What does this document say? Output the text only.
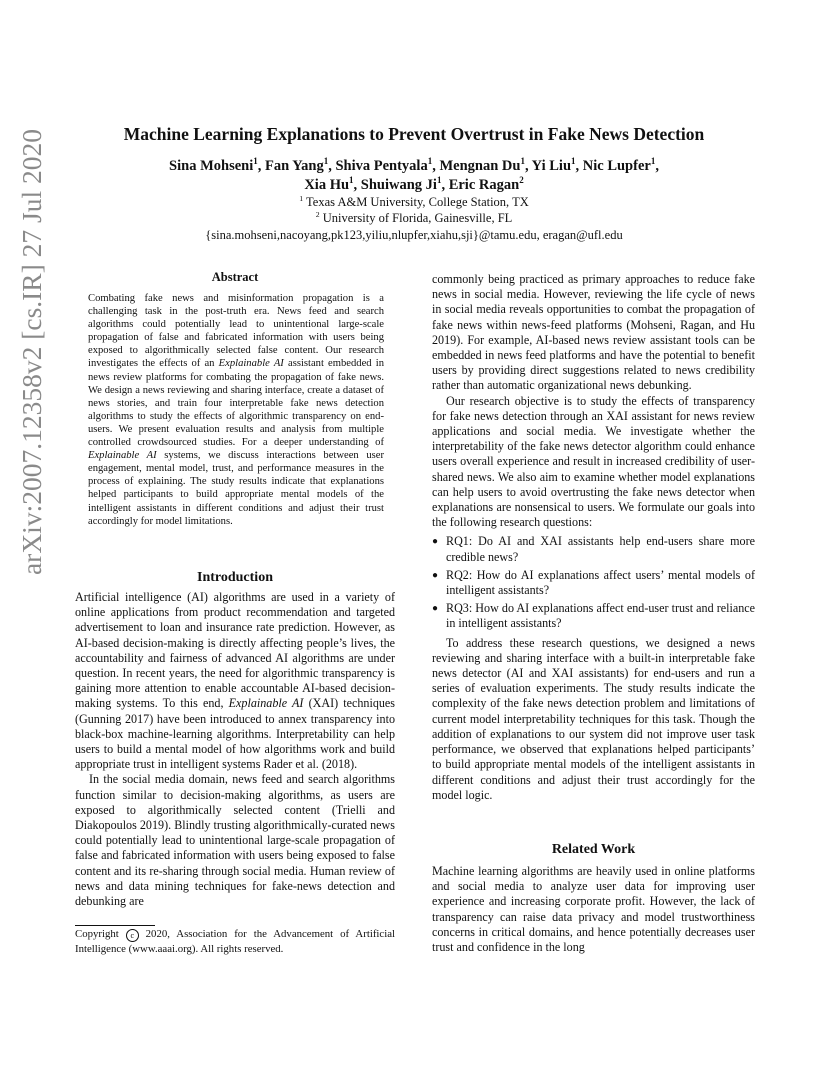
arXiv:2007.12358v2 [cs.IR] 27 Jul 2020	Machine Learning Explanations to Prevent Overtrust in Fake News Detection
Sina Mohseni$^1$, Fan Yang$^1$, Shiva Pentyala$^1$, Mengnan Du$^1$, Yi Liu$^1$, Nic Lupfer$^1$,
Xia Hu$^1$, Shuiwang Ji$^1$, Eric Ragan$^2$
$^1$ Texas A&M University, College Station, TX
$^2$ University of Florida, Gainesville, FL
{sina.mohseni,nacoyang,pk123,yiliu,nlupfer,xiahu,sji}@tamu.edu, eragan@ufl.edu
Abstract

Combating fake news and misinformation propagation is a challenging task in the post-truth era. News feed and search algorithms could potentially lead to unintentional large-scale propagation of false and fabricated information with users being exposed to algorithmically selected false content. Our research investigates the effects of an Explainable AI assistant embedded in news review platforms for combating the propagation of fake news. We design a news reviewing and sharing interface, create a dataset of news stories, and train four interpretable fake news detection algorithms to study the effects of algorithmic transparency on end-users. We present evaluation results and analysis from multiple controlled crowdsourced studies. For a deeper understanding of Explainable AI systems, we discuss interactions between user engagement, mental model, trust, and performance measures in the process of explaining. The study results indicate that explanations helped participants to build appropriate mental models of the intelligent assistants in different conditions and adjust their trust accordingly for model limitations.

Introduction

Artificial intelligence (AI) algorithms are used in a variety of online applications from product recommendation and targeted advertisement to loan and insurance rate prediction. However, as AI-based decision-making is directly affecting people’s lives, the accountability and fairness of advanced AI algorithms are under question. In recent years, the need for algorithmic transparency is gaining more attention to enable accountable AI-based decision-making systems. To this end, Explainable AI (XAI) techniques (Gunning 2017) have been introduced to annex transparency into black-box machine-learning algorithms. Interpretability can help users to build a mental model of how algorithms work and build appropriate trust in intelligent systems Rader et al. (2018).

In the social media domain, news feed and search algorithms function similar to decision-making algorithms, as users are exposed to algorithmically selected content (Trielli and Diakopoulos 2019). Blindly trusting algorithmically-curated news could potentially lead to unintentional large-scale propagation of false and fabricated information with users being exposed to false content and its re-sharing through social media. Human review of news and data mining techniques for fake-news detection and debunking are

Copyright c 2020, Association for the Advancement of Artificial Intelligence (www.aaai.org). All rights reserved.

commonly being practiced as primary approaches to reduce fake news in social media. However, reviewing the life cycle of news in social media reveals opportunities to combat the propagation of fake news within news-feed platforms (Mohseni, Ragan, and Hu 2019). For example, AI-based news review assistant tools can be embedded in news feed platforms and have the potential to benefit users by providing direct suggestions related to news credibility rather than automatic organizational news debunking.

Our research objective is to study the effects of transparency for fake news detection through an XAI assistant for news review applications and social media. We investigate whether the interpretability of the fake news detector algorithm could enhance users overall experience and result in increased credibility of user-shared news. We also aim to examine whether model explanations can help users to avoid overtrusting the fake news detector when explanations are nonsensical to users. We formulate our goals into the following research questions:

● RQ1: Do AI and XAI assistants help end-users share more credible news?
● RQ2: How do AI explanations affect users’ mental models of intelligent assistants?
● RQ3: How do AI explanations affect end-user trust and reliance in intelligent assistants?

To address these research questions, we designed a news reviewing and sharing interface with a built-in interpretable fake news detector (AI and XAI assistants) for end-users and run a series of evaluation experiments. The study results indicate the complexity of the fake news detection problem and limitations of current model interpretability techniques for this task. Though the addition of explanations to our system did not improve user task performance, we observed that explanations helped participants’ to build appropriate mental models of the intelligent assistants in different conditions and adjust their trust accordingly for the model logic.

Related Work

Machine learning algorithms are heavily used in online platforms and social media to analyze user data for improving user experience and increasing corporate profit. However, the lack of transparency can raise data privacy and model trustworthiness concerns in critical domains, and hence potentially decreases user trust and confidence in the long
